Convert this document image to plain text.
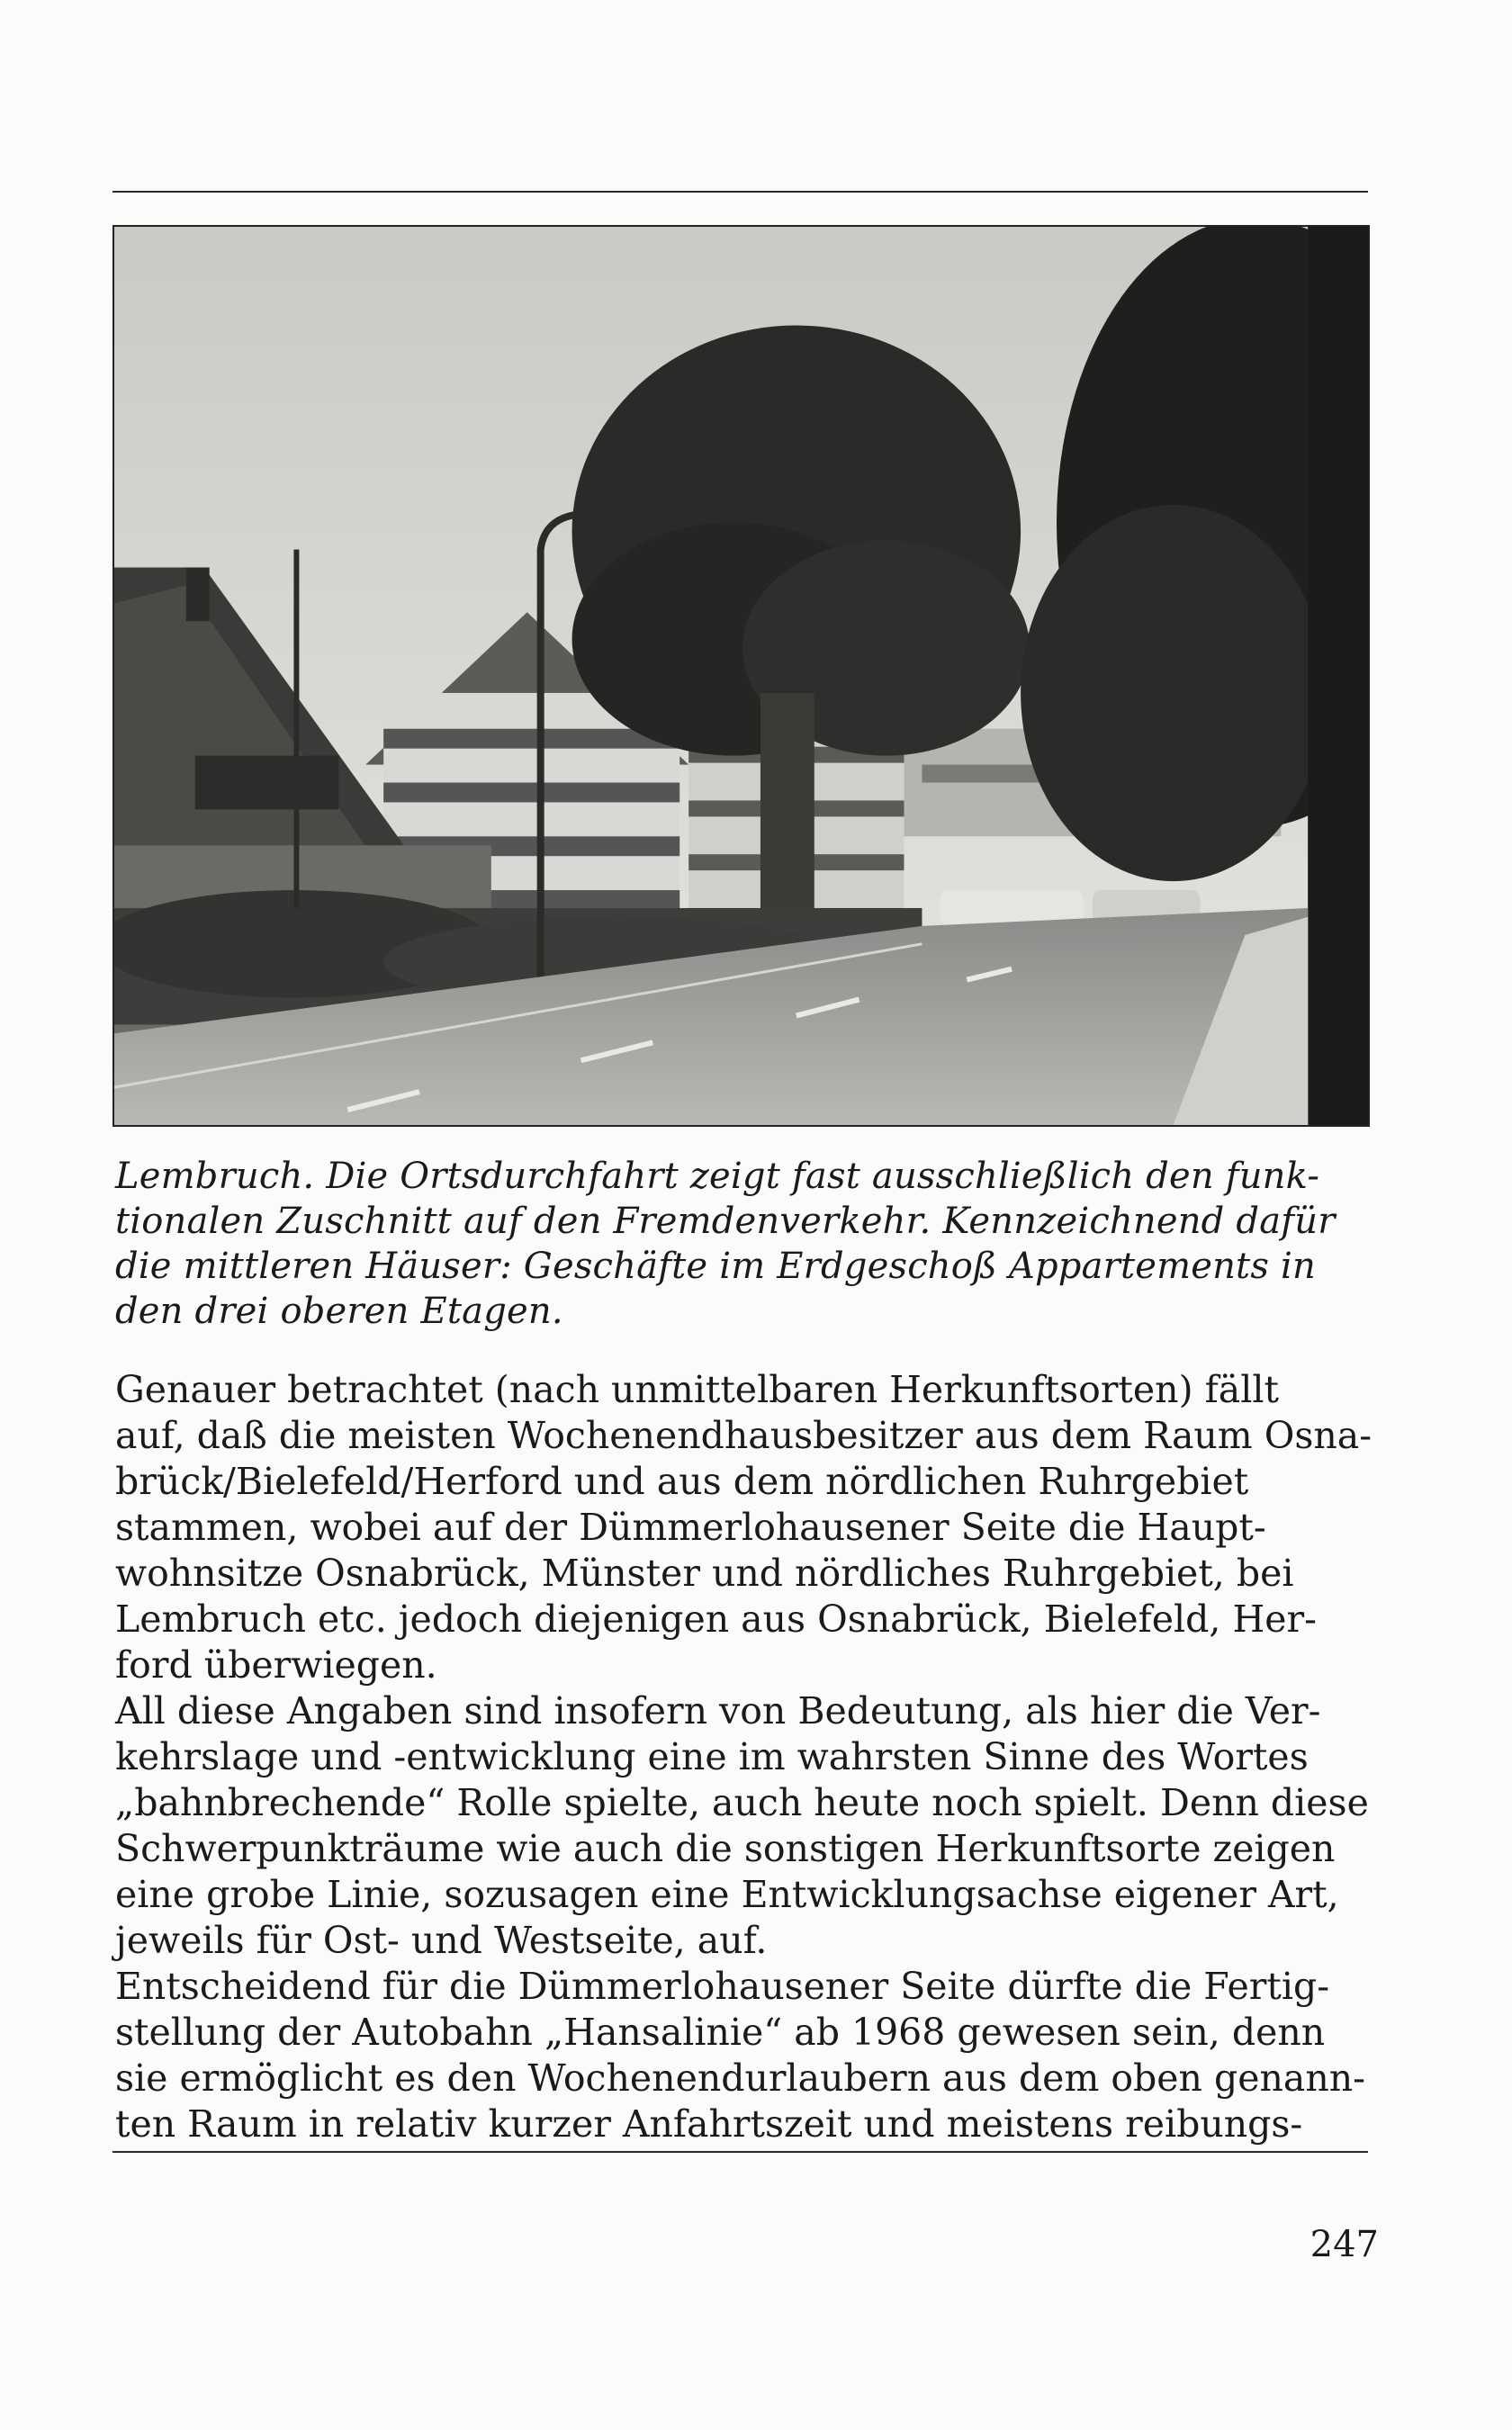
Lembruch. Die Ortsdurchfahrt zeigt fast ausschließlich den funk-
tionalen Zuschnitt auf den Fremdenverkehr. Kennzeichnend dafür
die mittleren Häuser: Geschäfte im Erdgeschoß Appartements in
den drei oberen Etagen.
Genauer betrachtet (nach unmittelbaren Herkunftsorten) fällt
auf, daß die meisten Wochenendhausbesitzer aus dem Raum Osna-
brück/Bielefeld/Herford und aus dem nördlichen Ruhrgebiet
stammen, wobei auf der Dümmerlohausener Seite die Haupt-
wohnsitze Osnabrück, Münster und nördliches Ruhrgebiet, bei
Lembruch etc. jedoch diejenigen aus Osnabrück, Bielefeld, Her-
ford überwiegen.
All diese Angaben sind insofern von Bedeutung, als hier die Ver-
kehrslage und -entwicklung eine im wahrsten Sinne des Wortes
„bahnbrechende“ Rolle spielte, auch heute noch spielt. Denn diese
Schwerpunkträume wie auch die sonstigen Herkunftsorte zeigen
eine grobe Linie, sozusagen eine Entwicklungsachse eigener Art,
jeweils für Ost- und Westseite, auf.
Entscheidend für die Dümmerlohausener Seite dürfte die Fertig-
stellung der Autobahn „Hansalinie“ ab 1968 gewesen sein, denn
sie ermöglicht es den Wochenendurlaubern aus dem oben genann-
ten Raum in relativ kurzer Anfahrtszeit und meistens reibungs-
247
